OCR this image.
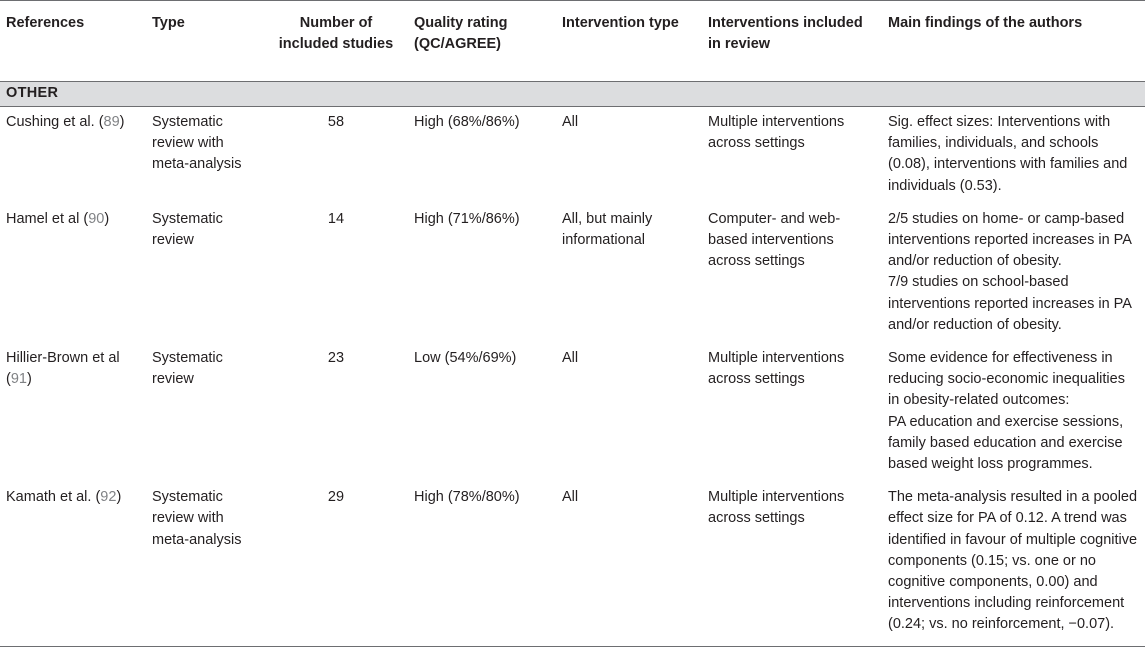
References	Type	Number of included studies	Quality rating (QC/AGREE)	Intervention type	Interventions included in review	Main findings of the authors

OTHER						
Cushing et al. (89)	Systematic review with meta-analysis	58	High (68%/86%)	All	Multiple interventions across settings	Sig. effect sizes: Interventions with families, individuals, and schools (0.08), interventions with families and individuals (0.53).
Hamel et al (90)	Systematic review	14	High (71%/86%)	All, but mainly informational	Computer- and web-based interventions across settings	2/5 studies on home- or camp-based interventions reported increases in PA and/or reduction of obesity.
7/9 studies on school-based interventions reported increases in PA and/or reduction of obesity.
Hillier-Brown et al (91)	Systematic review	23	Low (54%/69%)	All	Multiple interventions across settings	Some evidence for effectiveness in reducing socio-economic inequalities in obesity-related outcomes:
PA education and exercise sessions, family based education and exercise based weight loss programmes.
Kamath et al. (92)	Systematic review with meta-analysis	29	High (78%/80%)	All	Multiple interventions across settings	The meta-analysis resulted in a pooled effect size for PA of 0.12. A trend was identified in favour of multiple cognitive components (0.15; vs. one or no cognitive components, 0.00) and interventions including reinforcement (0.24; vs. no reinforcement, −0.07).
